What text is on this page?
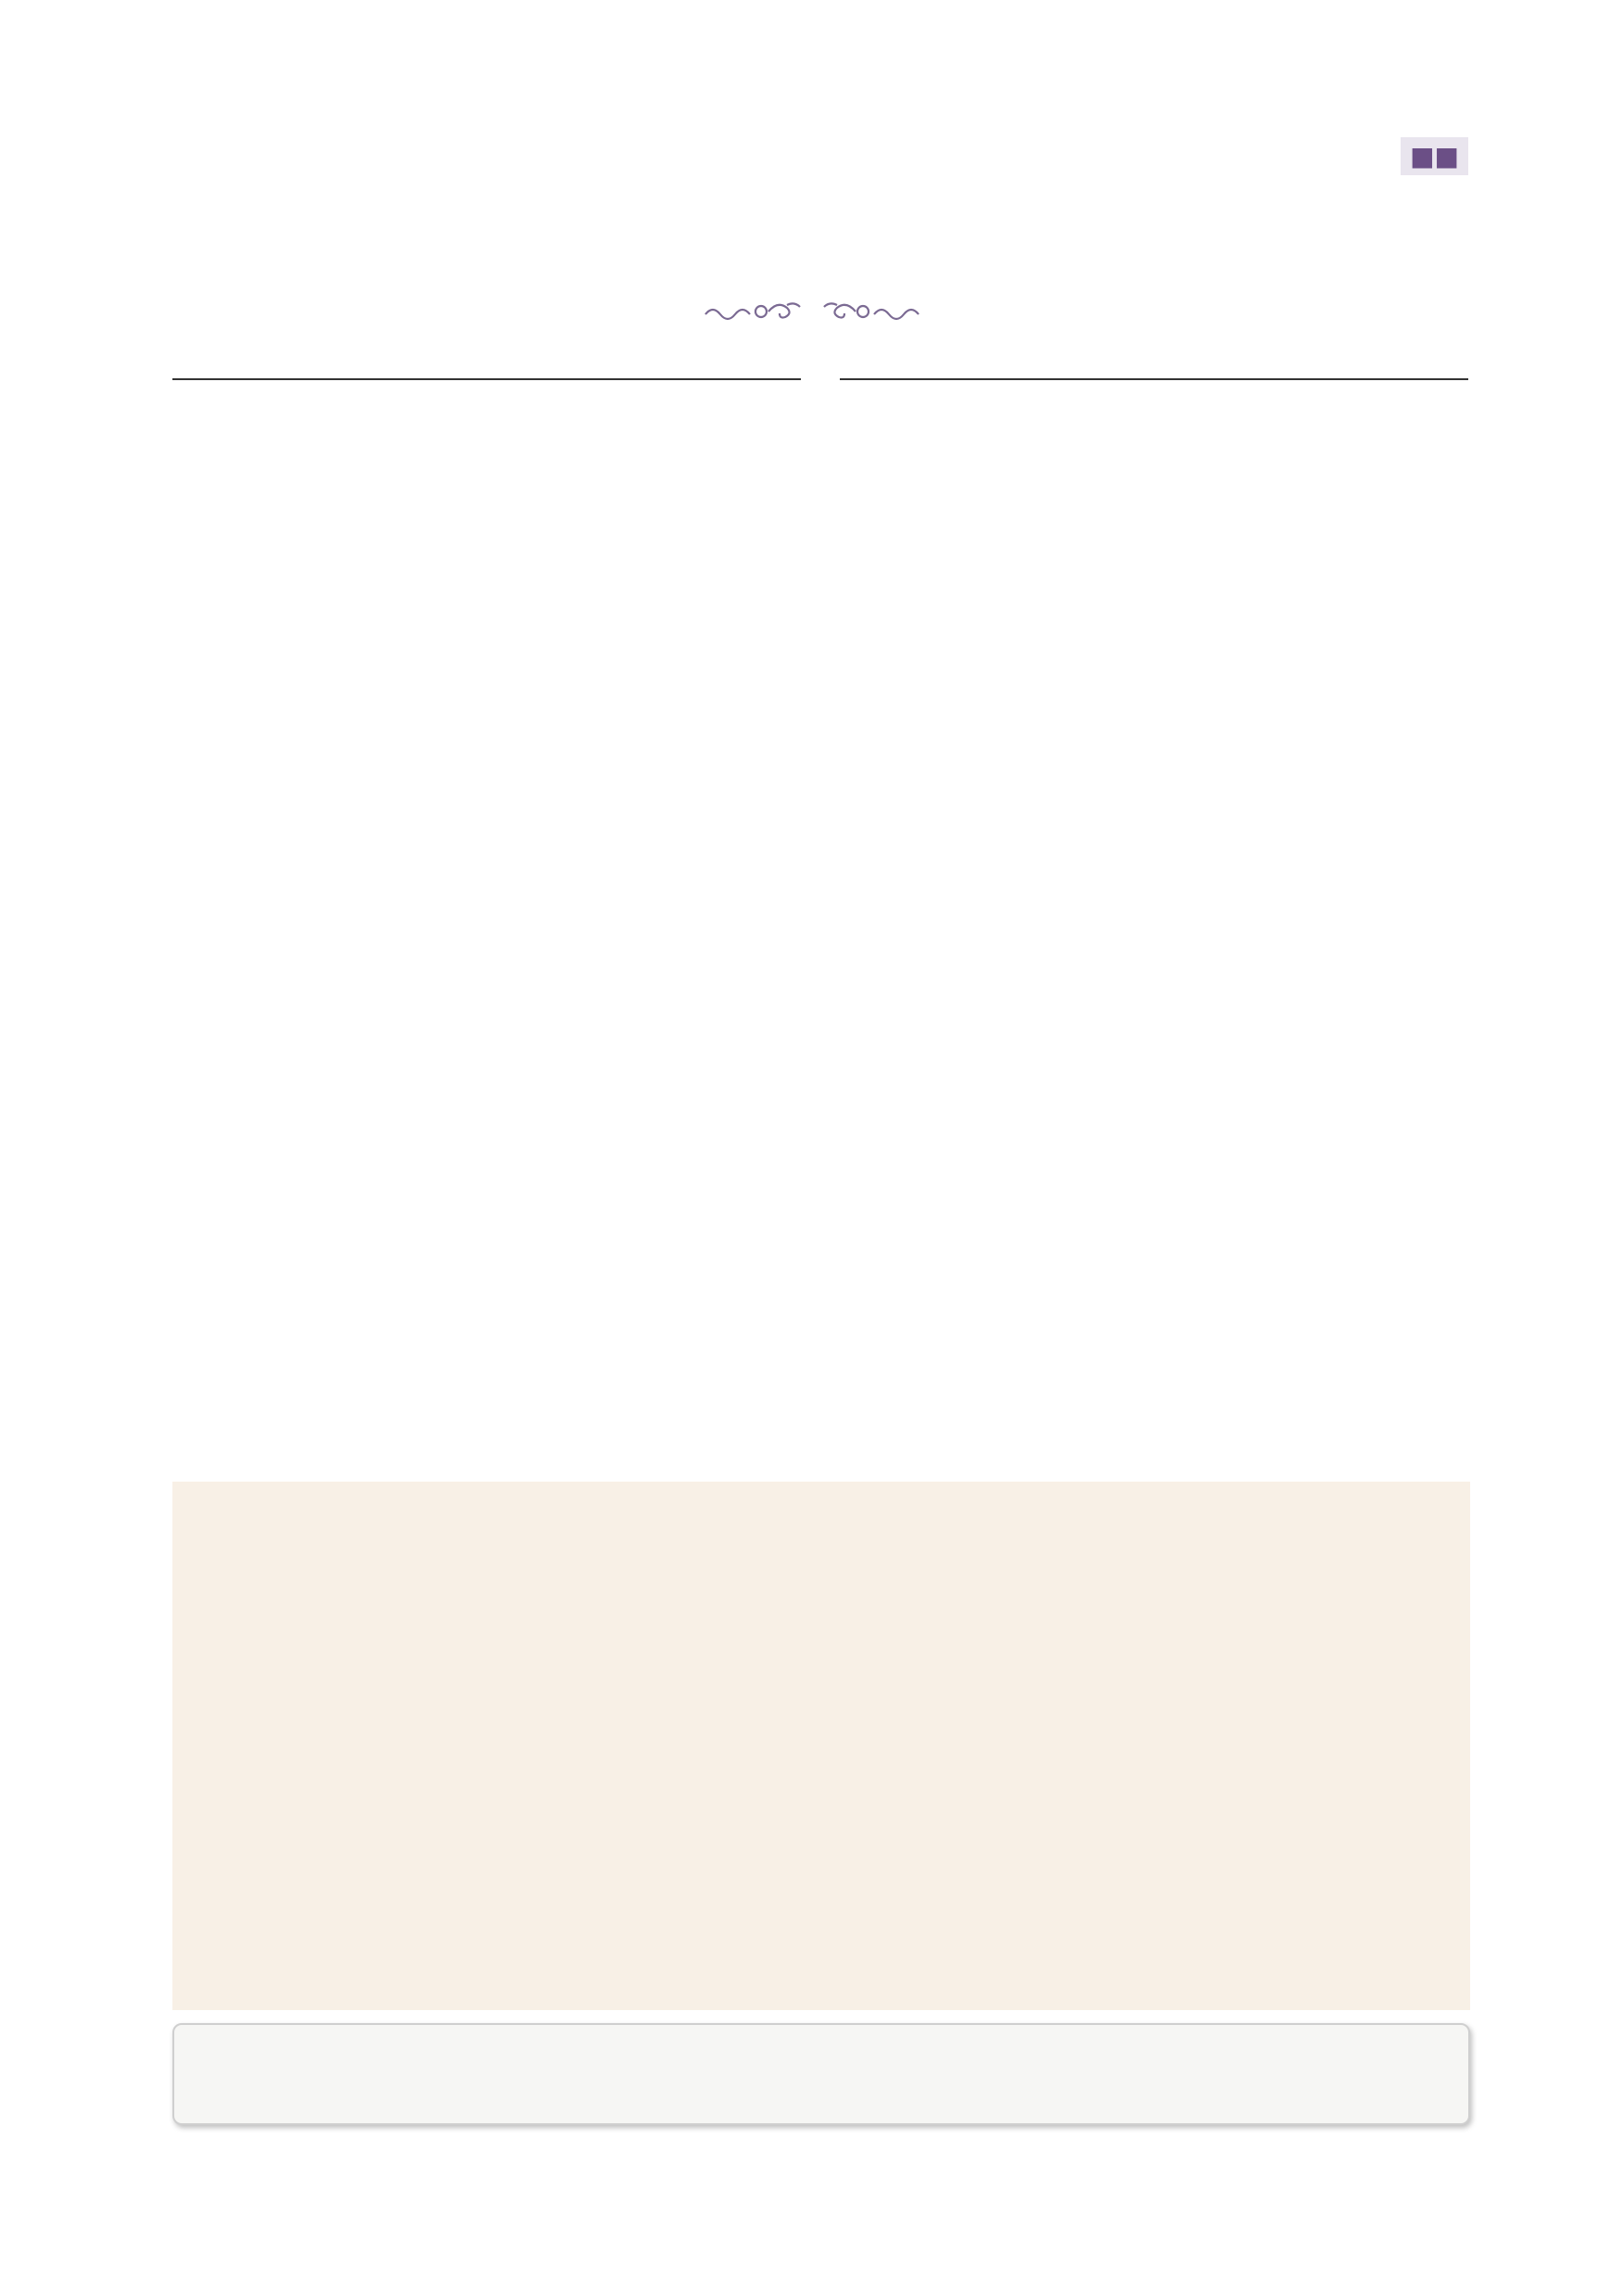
■■
